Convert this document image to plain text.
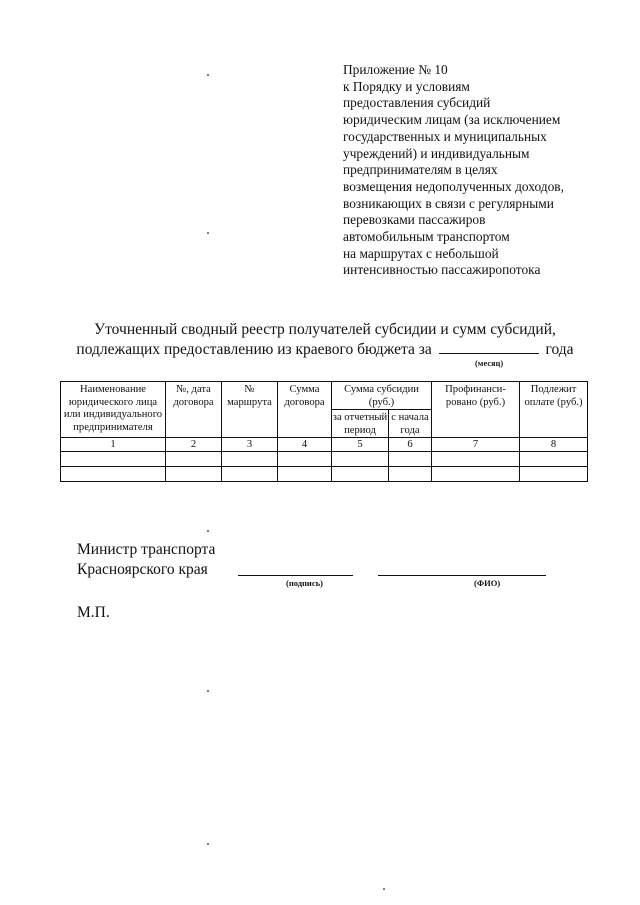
Приложение № 10
к Порядку и условиям
предоставления субсидий
юридическим лицам (за исключением
государственных и муниципальных
учреждений) и индивидуальным
предпринимателям в целях
возмещения недополученных доходов,
возникающих в связи с регулярными
перевозками пассажиров
автомобильным транспортом
на маршрутах с небольшой
интенсивностью пассажиропотока
Уточненный сводный реестр получателей субсидии и сумм субсидий,
подлежащих предоставлению из краевого бюджета за	года
(месяц)
Наименование юридического лица или индивидуального предпринимателя	№, дата договора	№ маршрута	Сумма договора	Сумма субсидии (руб.)		Профинанси-ровано (руб.)	Подлежит оплате (руб.)
				за отчетный период	с начала года		
1	2	3	4	5	6	7	8

Министр транспорта
Красноярского края
(подпись)	(ФИО)
М.П.
